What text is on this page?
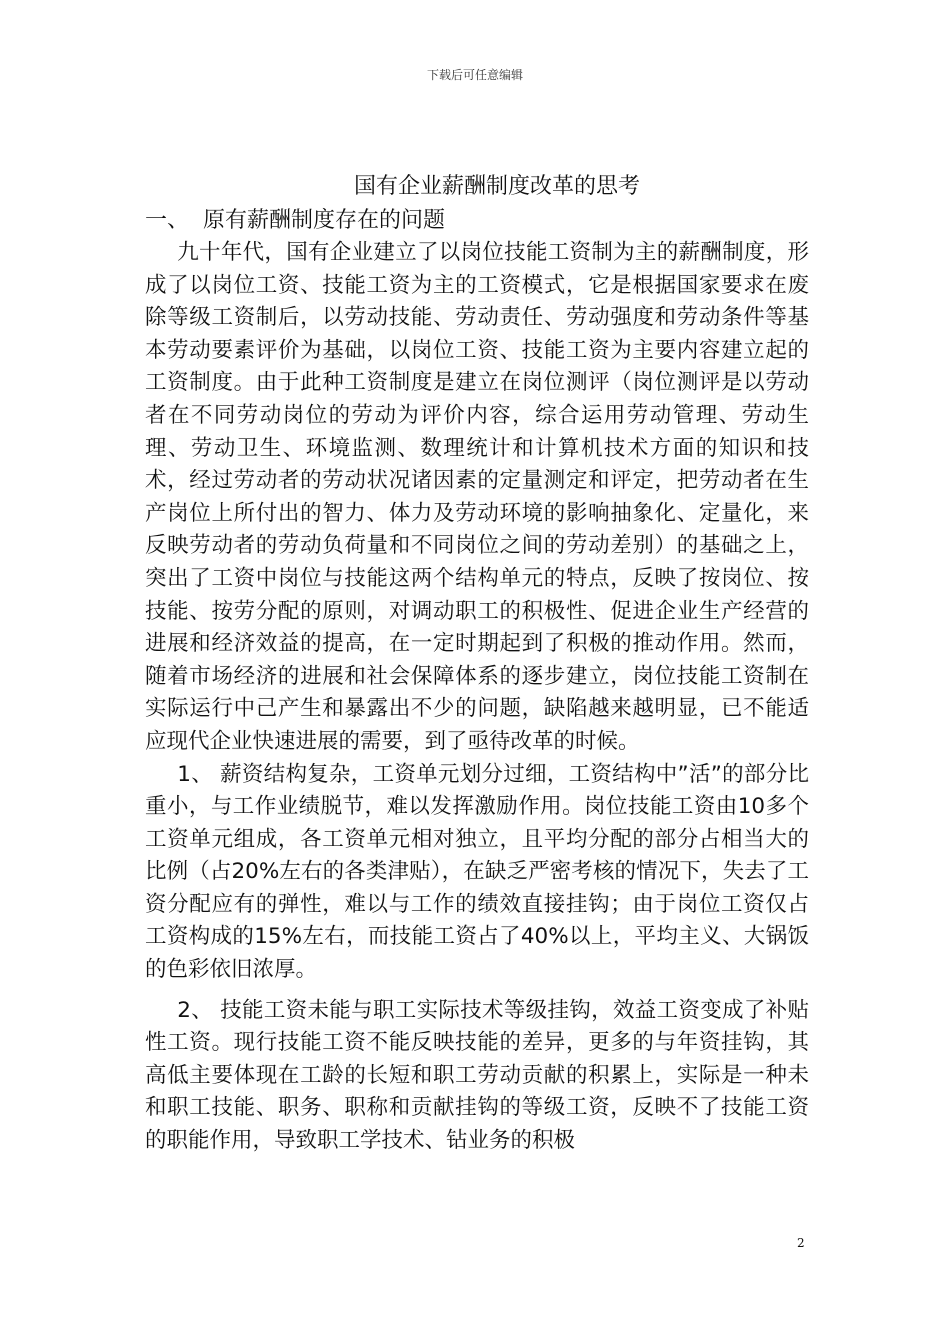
下载后可任意编辑
国有企业薪酬制度改革的思考
一、 原有薪酬制度存在的问题

九十年代，国有企业建立了以岗位技能工资制为主的薪酬制度，形成了以岗位工资、技能工资为主的工资模式，它是根据国家要求在废除等级工资制后，以劳动技能、劳动责任、劳动强度和劳动条件等基本劳动要素评价为基础，以岗位工资、技能工资为主要内容建立起的工资制度。由于此种工资制度是建立在岗位测评（岗位测评是以劳动者在不同劳动岗位的劳动为评价内容，综合运用劳动管理、劳动生理、劳动卫生、环境监测、数理统计和计算机技术方面的知识和技术，经过劳动者的劳动状况诸因素的定量测定和评定，把劳动者在生产岗位上所付出的智力、体力及劳动环境的影响抽象化、定量化，来反映劳动者的劳动负荷量和不同岗位之间的劳动差别）的基础之上，突出了工资中岗位与技能这两个结构单元的特点，反映了按岗位、按技能、按劳分配的原则，对调动职工的积极性、促进企业生产经营的进展和经济效益的提高，在一定时期起到了积极的推动作用。然而，随着市场经济的进展和社会保障体系的逐步建立，岗位技能工资制在实际运行中己产生和暴露出不少的问题，缺陷越来越明显，已不能适应现代企业快速进展的需要，到了亟待改革的时候。

1、 薪资结构复杂，工资单元划分过细，工资结构中”活”的部分比重小，与工作业绩脱节，难以发挥激励作用。岗位技能工资由10多个工资单元组成，各工资单元相对独立，且平均分配的部分占相当大的比例（占20%左右的各类津贴），在缺乏严密考核的情况下，失去了工资分配应有的弹性，难以与工作的绩效直接挂钩；由于岗位工资仅占工资构成的15%左右，而技能工资占了40%以上，平均主义、大锅饭的色彩依旧浓厚。

2、 技能工资未能与职工实际技术等级挂钩，效益工资变成了补贴性工资。现行技能工资不能反映技能的差异，更多的与年资挂钩，其高低主要体现在工龄的长短和职工劳动贡献的积累上，实际是一种未和职工技能、职务、职称和贡献挂钩的等级工资，反映不了技能工资的职能作用，导致职工学技术、钻业务的积极

2
